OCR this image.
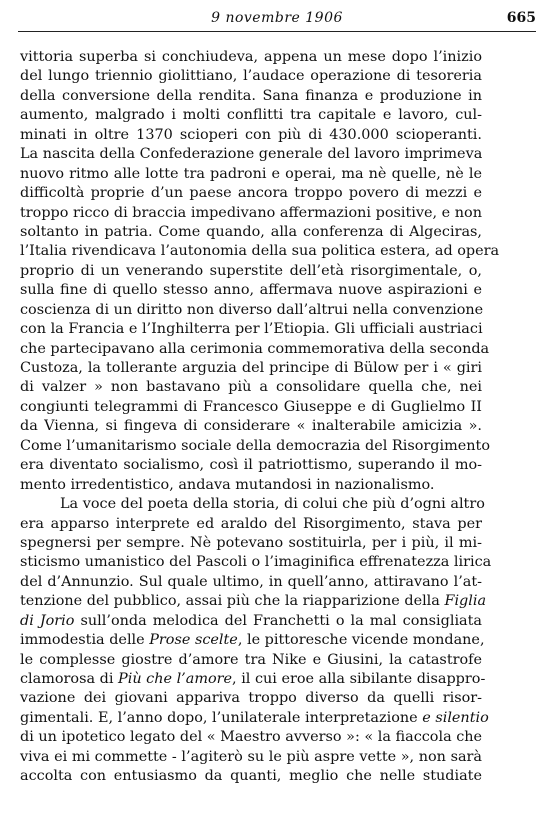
9 novembre 1906	665
vittoria superba si conchiudeva, appena un mese dopo l’inizio
del lungo triennio giolittiano, l’audace operazione di tesoreria
della conversione della rendita. Sana finanza e produzione in
aumento, malgrado i molti conflitti tra capitale e lavoro, cul-
minati in oltre 1370 scioperi con più di 430.000 scioperanti.
La nascita della Confederazione generale del lavoro imprimeva
nuovo ritmo alle lotte tra padroni e operai, ma nè quelle, nè le
difficoltà proprie d’un paese ancora troppo povero di mezzi e
troppo ricco di braccia impedivano affermazioni positive, e non
soltanto in patria. Come quando, alla conferenza di Algeciras,
l’Italia rivendicava l’autonomia della sua politica estera, ad opera
proprio di un venerando superstite dell’età risorgimentale, o,
sulla fine di quello stesso anno, affermava nuove aspirazioni e
coscienza di un diritto non diverso dall’altrui nella convenzione
con la Francia e l’Inghilterra per l’Etiopia. Gli ufficiali austriaci
che partecipavano alla cerimonia commemorativa della seconda
Custoza, la tollerante arguzia del principe di Bülow per i « giri
di valzer » non bastavano più a consolidare quella che, nei
congiunti telegrammi di Francesco Giuseppe e di Guglielmo II
da Vienna, si fingeva di considerare « inalterabile amicizia ».
Come l’umanitarismo sociale della democrazia del Risorgimento
era diventato socialismo, così il patriottismo, superando il mo-
mento irredentistico, andava mutandosi in nazionalismo.
La voce del poeta della storia, di colui che più d’ogni altro
era apparso interprete ed araldo del Risorgimento, stava per
spegnersi per sempre. Nè potevano sostituirla, per i più, il mi-
sticismo umanistico del Pascoli o l’imaginifica effrenatezza lirica
del d’Annunzio. Sul quale ultimo, in quell’anno, attiravano l’at-
tenzione del pubblico, assai più che la riapparizione della Figlia
di Jorio sull’onda melodica del Franchetti o la mal consigliata
immodestia delle Prose scelte, le pittoresche vicende mondane,
le complesse giostre d’amore tra Nike e Giusini, la catastrofe
clamorosa di Più che l’amore, il cui eroe alla sibilante disappro-
vazione dei giovani appariva troppo diverso da quelli risor-
gimentali. E, l’anno dopo, l’unilaterale interpretazione e silentio
di un ipotetico legato del « Maestro avverso »: « la fiaccola che
viva ei mi commette - l’agiterò su le più aspre vette », non sarà
accolta con entusiasmo da quanti, meglio che nelle studiate
